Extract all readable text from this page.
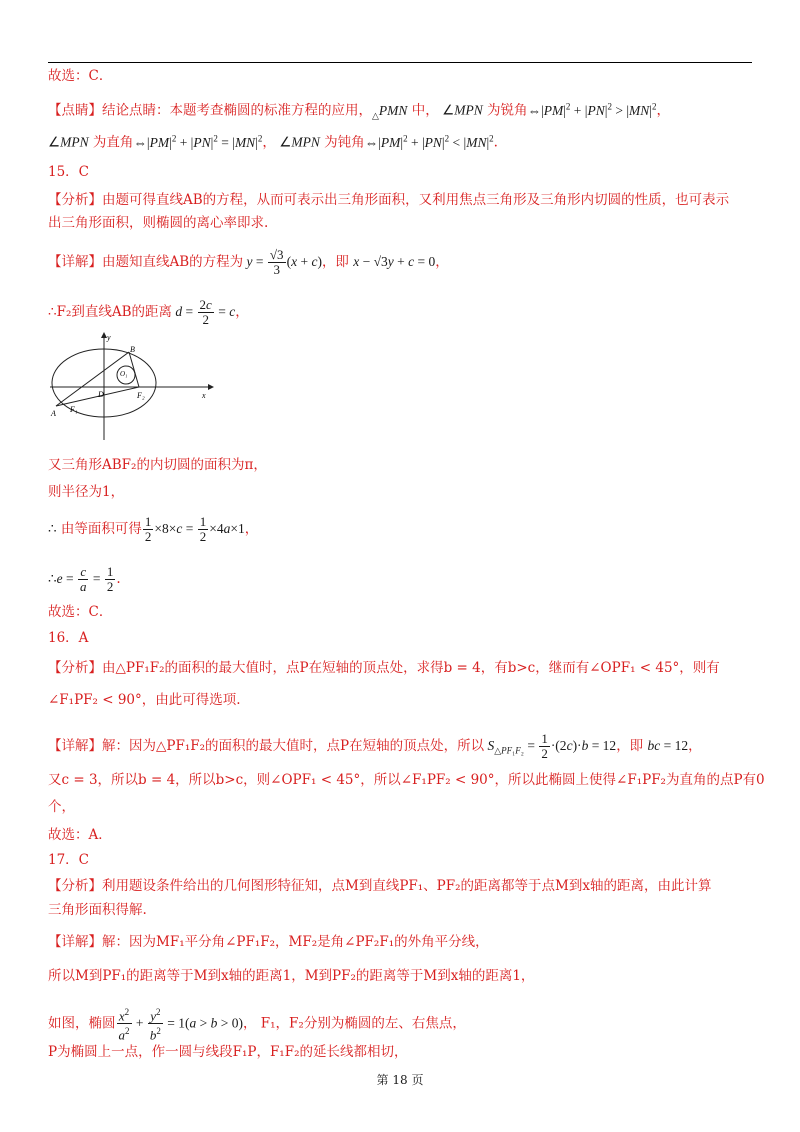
故选：C．
【点睛】结论点睛：本题考查椭圆的标准方程的应用，$_\triangle$PMN 中， ∠MPN 为锐角$\Leftrightarrow|PM|^2 + |PN|^2 > |MN|^2$，
∠MPN 为直角$\Leftrightarrow|PM|^2 + |PN|^2 = |MN|^2$， ∠MPN 为钝角$\Leftrightarrow|PM|^2 + |PN|^2 < |MN|^2$.
15．C
【分析】由题可得直线AB的方程，从而可表示出三角形面积，又利用焦点三角形及三角形内切圆的性质，也可表示
出三角形面积，则椭圆的离心率即求.
【详解】由题知直线AB的方程为 $y = \frac{√3}{3} (x + c)$，即 x − √3y + c = 0，
∴F₂到直线AB的距离 $d = \frac{2c}{2} = c$，
y
x
B
A
D
O₁
F₁
F₂
又三角形ABF₂的内切圆的面积为π，
则半径为1，
∴ 由等面积可得 $\frac{1}{2} \times 8\times c = \frac{1}{2} \times 4a\times 1$，
∴e = $\frac{c}{a} = \frac{1}{2}$ .
故选：C．
16．A
【分析】由△PF₁F₂的面积的最大值时，点P在短轴的顶点处，求得b = 4，有b>c，继而有∠OPF₁ < 45°，则有
∠F₁PF₂ < 90°，由此可得选项.
【详解】解：因为△PF₁F₂的面积的最大值时，点P在短轴的顶点处，所以 $S_{\triangle PF_1F_2} = \frac{1}{2} \cdot(2c)\cdot b = 12$，即 bc = 12，
又c = 3，所以b = 4，所以b>c，则∠OPF₁ < 45°，所以∠F₁PF₂ < 90°，所以此椭圆上使得∠F₁PF₂为直角的点P有0
个，
故选：A．
17．C
【分析】利用题设条件给出的几何图形特征知，点M到直线PF₁、PF₂的距离都等于点M到x轴的距离，由此计算
三角形面积得解.
【详解】解：因为MF₁平分角∠PF₁F₂，MF₂是角∠PF₂F₁的外角平分线，
所以M到PF₁的距离等于M到x轴的距离1，M到PF₂的距离等于M到x轴的距离1，
如图，椭圆 $\frac{x^2}{a^2} + \frac{y^2}{b^2} = 1(a > b > 0)$， F₁，F₂分别为椭圆的左、右焦点，
P为椭圆上一点，作一圆与线段F₁P，F₁F₂的延长线都相切，
第 18 页
